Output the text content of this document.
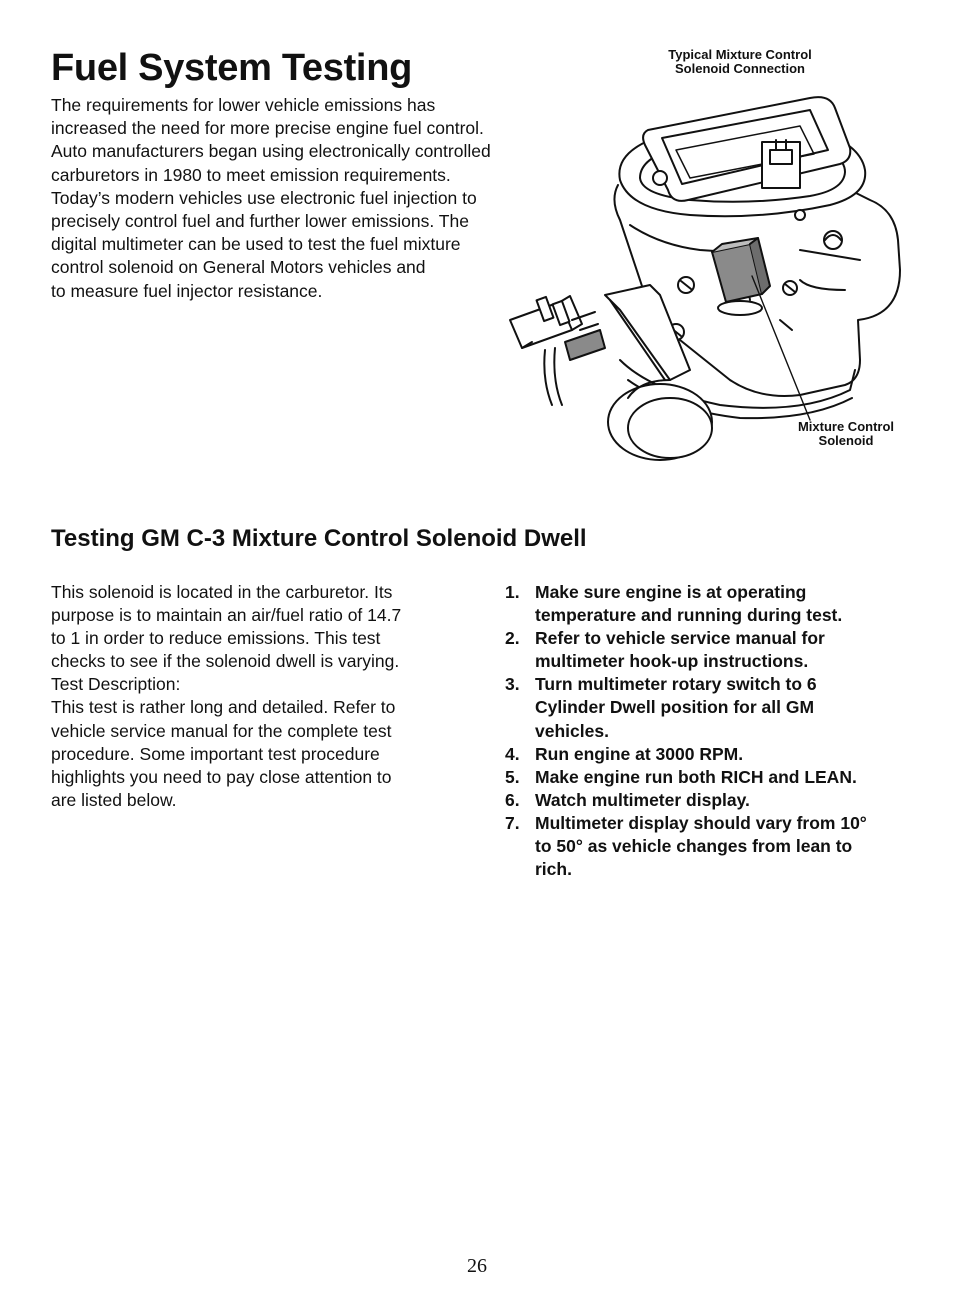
Fuel System Testing
The requirements for lower vehicle emissions has
increased the need for more precise engine fuel control.
Auto manufacturers began using electronically controlled
carburetors in 1980 to meet emission requirements.
Today’s modern vehicles use electronic fuel injection to
precisely control fuel and further lower emissions. The
digital multimeter can be used to test the fuel mixture
control solenoid on General Motors vehicles and
to measure fuel injector resistance.
Typical Mixture Control
Solenoid Connection
Mixture Control
Solenoid
Testing GM C-3 Mixture Control Solenoid Dwell
This solenoid is located in the carburetor. Its
purpose is to maintain an air/fuel ratio of 14.7
to 1 in order to reduce emissions. This test
checks to see if the solenoid dwell is varying.
Test Description:
This test is rather long and detailed. Refer to
vehicle service manual for the complete test
procedure. Some important test procedure
highlights you need to pay close attention to
are listed below.
1. Make sure engine is at operating
temperature and running during test.
2. Refer to vehicle service manual for
multimeter hook-up instructions.
3. Turn multimeter rotary switch to 6
Cylinder Dwell position for all GM
vehicles.
4. Run engine at 3000 RPM.
5. Make engine run both RICH and LEAN.
6. Watch multimeter display.
7. Multimeter display should vary from 10°
to 50° as vehicle changes from lean to
rich.
26
